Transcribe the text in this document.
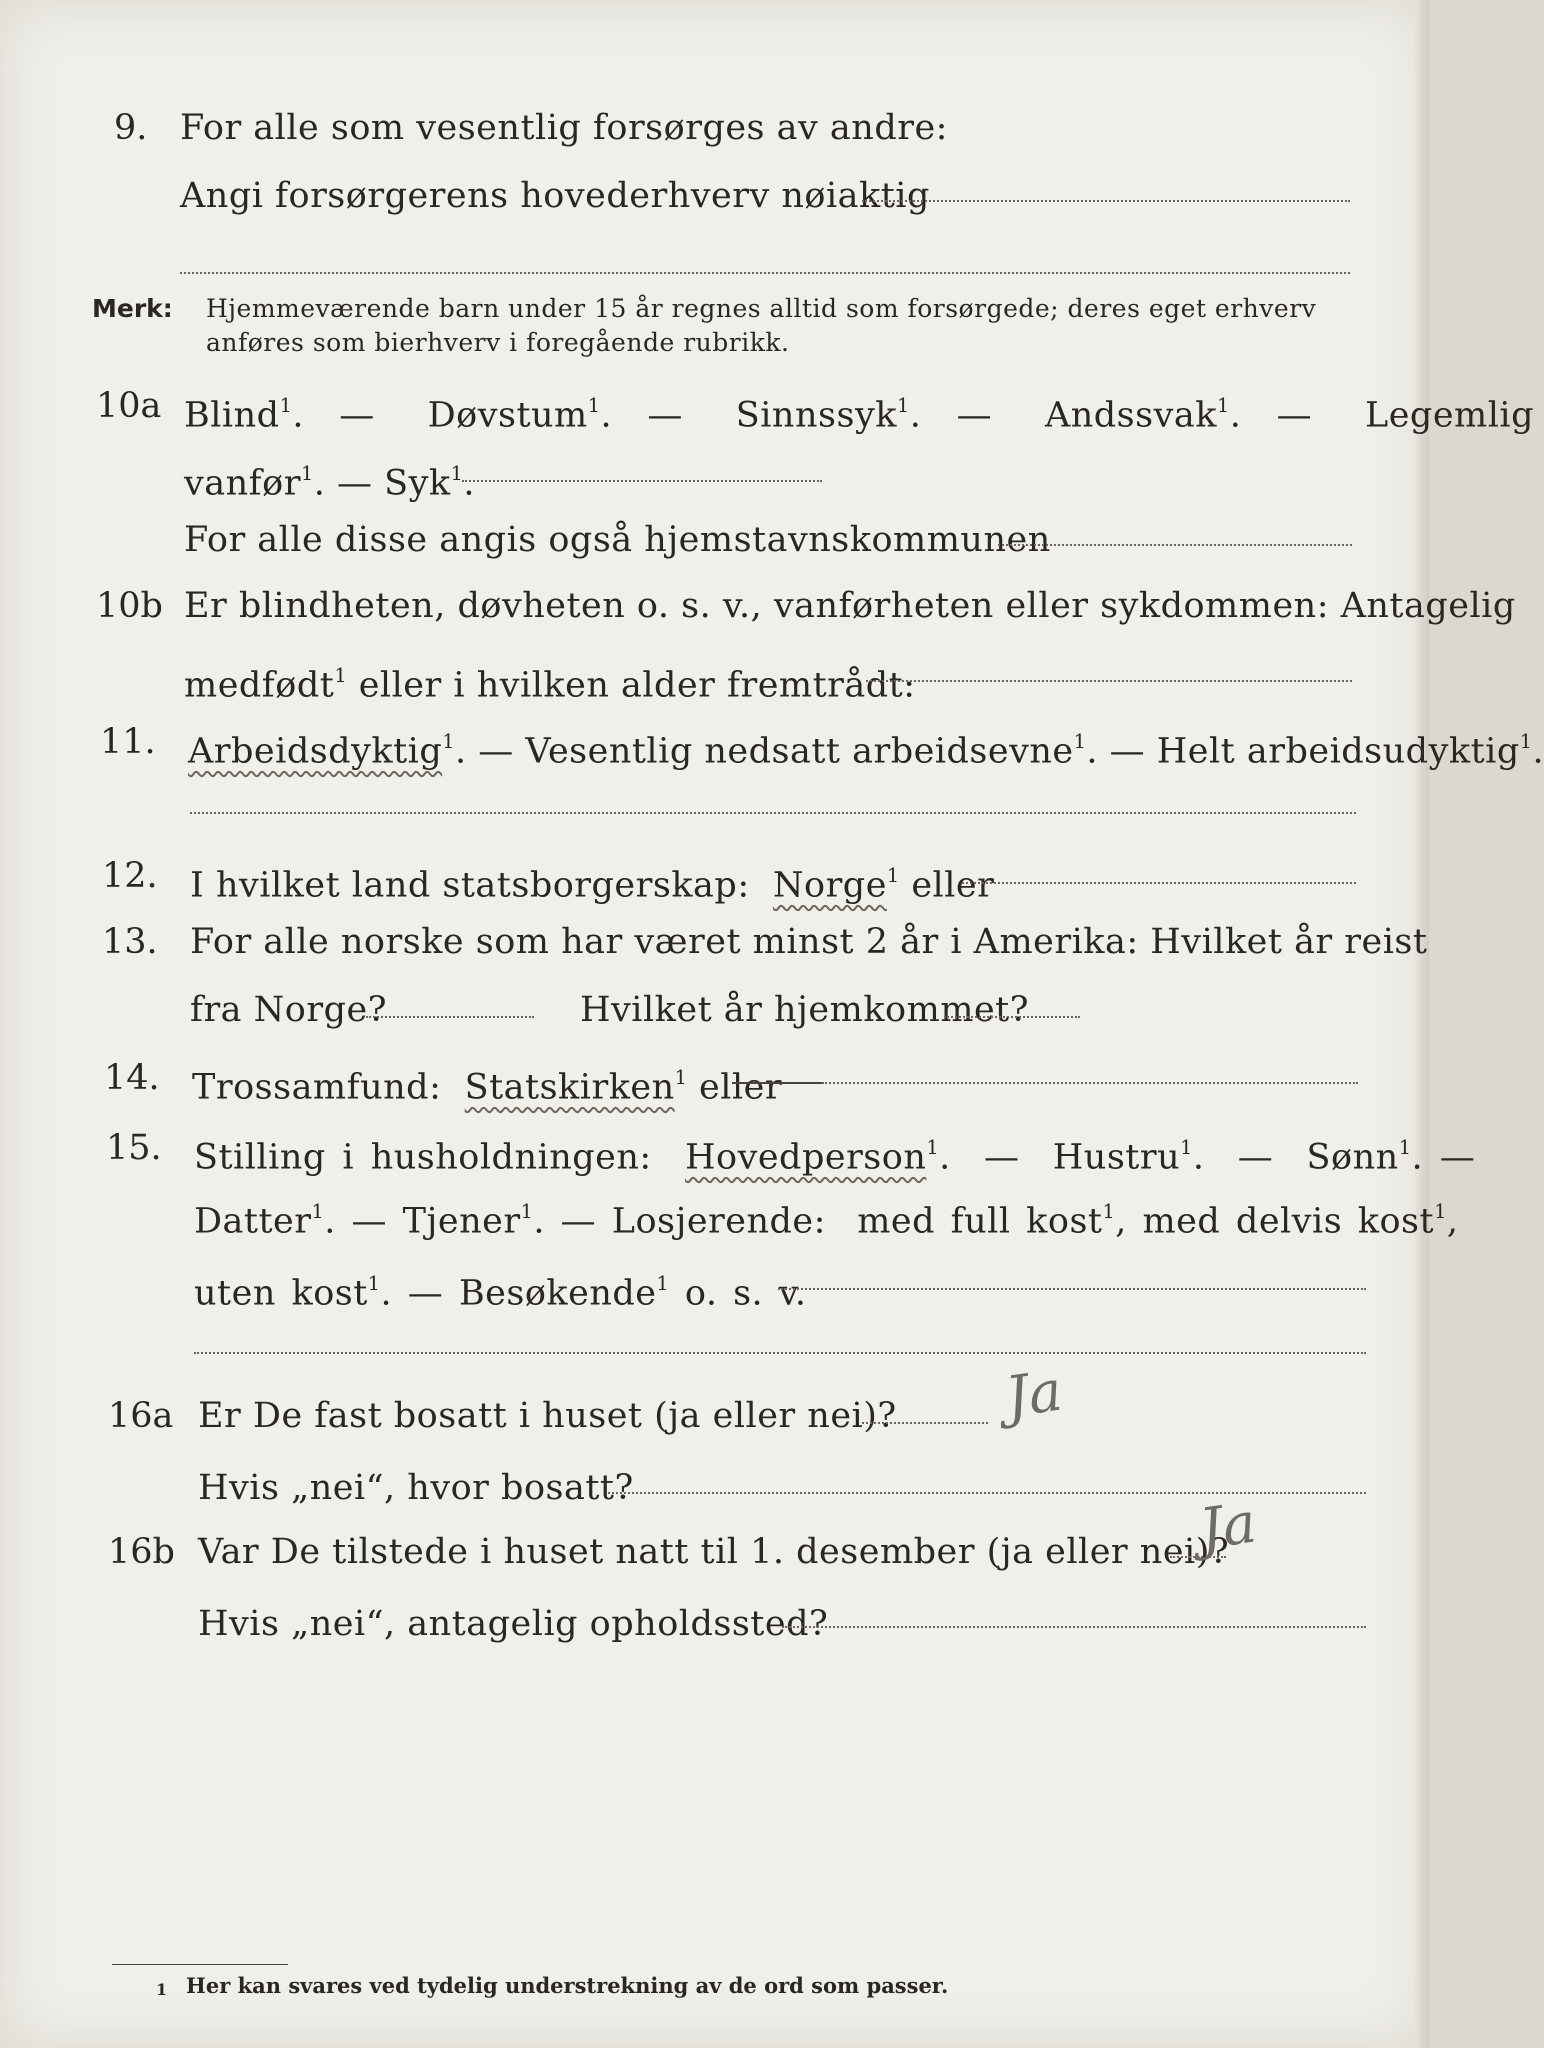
9. For alle som vesentlig forsørges av andre:
Angi forsørgerens hovederhverv nøiaktig
Merk: Hjemmeværende barn under 15 år regnes alltid som forsørgede; deres eget erhverv
anføres som bierhverv i foregående rubrikk.
10a Blind$^1$.  —   Døvstum$^1$.  —   Sinnssyk$^1$.  —   Andssvak$^1$.  —   Legemlig
vanfør$^1$. — Syk$^1$.
For alle disse angis også hjemstavnskommunen
10b Er blindheten, døvheten o. s. v., vanførheten eller sykdommen: Antagelig
medfødt$^1$ eller i hvilken alder fremtrådt:
11. Arbeidsdyktig$^1$. — Vesentlig nedsatt arbeidsevne$^1$. — Helt arbeidsudyktig$^1$.
12. I hvilket land statsborgerskap: Norge$^1$ eller
13. For alle norske som har været minst 2 år i Amerika: Hvilket år reist
fra Norge?	Hvilket år hjemkommet?
14. Trossamfund: Statskirken$^1$ eller
15. Stilling i husholdningen: Hovedperson$^1$.  —  Hustru$^1$.  —  Sønn$^1$. —
Datter$^1$. — Tjener$^1$. — Losjerende: med full kost$^1$, med delvis kost$^1$,
uten kost$^1$. — Besøkende$^1$ o. s. v.
16a Er De fast bosatt i huset (ja eller nei)? Ja
Hvis „nei“, hvor bosatt?
16b Var De tilstede i huset natt til 1. desember (ja eller nei)?
Ja
Hvis „nei“, antagelig opholdssted?
1 Her kan svares ved tydelig understrekning av de ord som passer.
